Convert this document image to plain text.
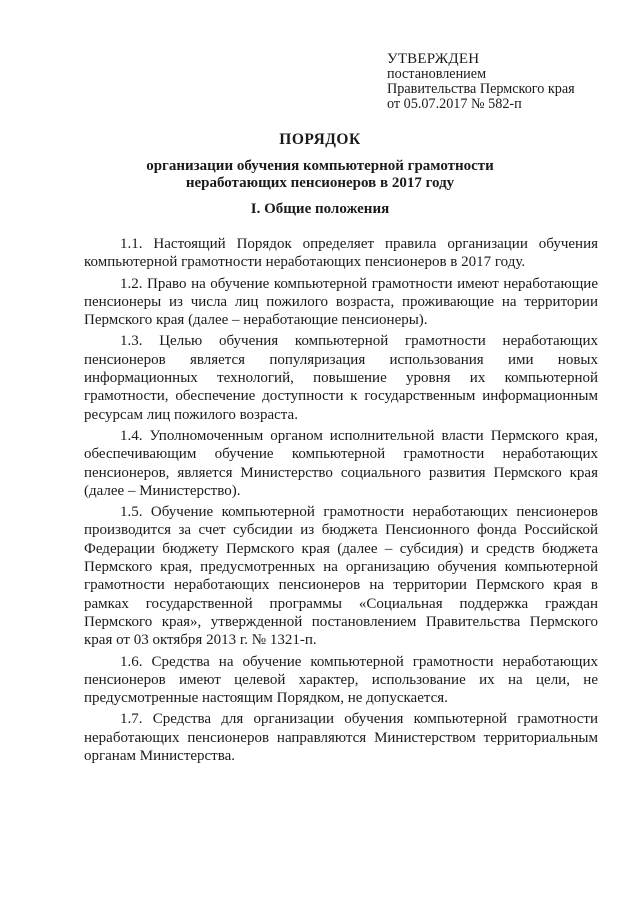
УТВЕРЖДЕН
постановлением
Правительства Пермского края
от 05.07.2017 № 582-п
ПОРЯДОК
организации обучения компьютерной грамотности
неработающих пенсионеров в 2017 году
I. Общие положения

1.1. Настоящий Порядок определяет правила организации обучения компьютерной грамотности неработающих пенсионеров в 2017 году.

1.2. Право на обучение компьютерной грамотности имеют неработающие пенсионеры из числа лиц пожилого возраста, проживающие на территории Пермского края (далее – неработающие пенсионеры).

1.3. Целью обучения компьютерной грамотности неработающих пенсионеров является популяризация использования ими новых информационных технологий, повышение уровня их компьютерной грамотности, обеспечение доступности к государственным информационным ресурсам лиц пожилого возраста.

1.4. Уполномоченным органом исполнительной власти Пермского края, обеспечивающим обучение компьютерной грамотности неработающих пенсионеров, является Министерство социального развития Пермского края (далее – Министерство).

1.5. Обучение компьютерной грамотности неработающих пенсионеров производится за счет субсидии из бюджета Пенсионного фонда Российской Федерации бюджету Пермского края (далее – субсидия) и средств бюджета Пермского края, предусмотренных на организацию обучения компьютерной грамотности неработающих пенсионеров на территории Пермского края в рамках государственной программы «Социальная поддержка граждан Пермского края», утвержденной постановлением Правительства Пермского края от 03 октября 2013 г. № 1321-п.

1.6. Средства на обучение компьютерной грамотности неработающих пенсионеров имеют целевой характер, использование их на цели, не предусмотренные настоящим Порядком, не допускается.

1.7. Средства для организации обучения компьютерной грамотности неработающих пенсионеров направляются Министерством территориальным органам Министерства.
